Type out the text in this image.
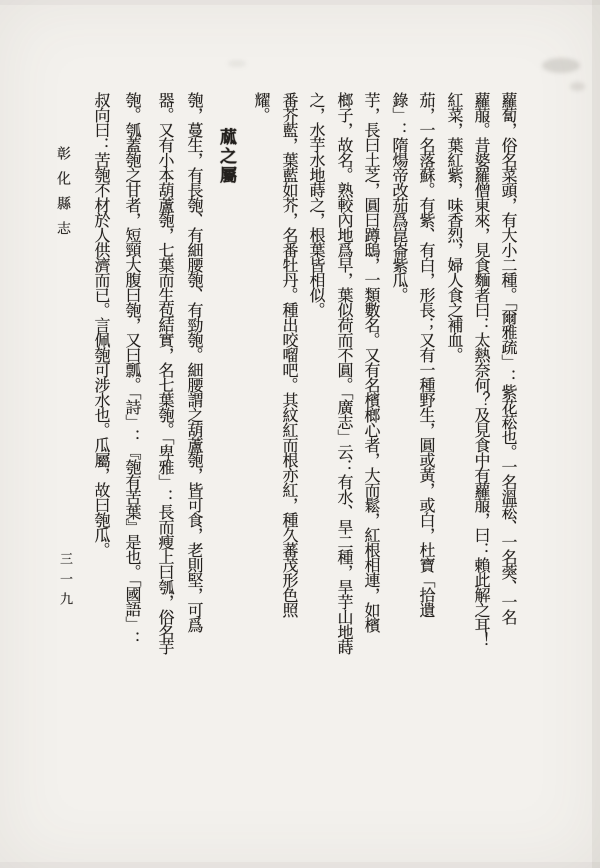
蘿蔔，俗名菜頭，有大小二種。「爾雅疏」：紫花菘也。一名溫菘、一名葖、一名
蘿菔。昔婆羅僧東來，見食麵者曰：太熱奈何？及見食中有蘿菔，曰：賴此解之耳！
紅菜，葉紅紫，味香烈，婦人食之補血。
茄，一名落蘇。有紫、有白，形長；又有一種野生，圓或黃，或白，杜寶「拾遺
錄」：隋煬帝改茄爲崑崙紫瓜。
芋，長曰土芝，圓曰蹲鴟，一類數名。又有名檳榔心者，大而鬆，紅根相連，如檳
榔子，故名。熟較內地爲早，葉似荷而不圓。「廣志」云：有水、旱二種，旱芋山地蒔
之，水芋水地蒔之，根葉皆相似。
番芥藍，葉藍如芥，名番牡丹。種出咬𠺕吧。其紋紅而根亦紅，種久蕃茂形色照
耀。
蓏之屬
匏，蔓生，有長匏、有細腰匏、有勁匏。細腰謂之葫蘆匏，皆可食，老則堅，可爲
器。又有小本葫蘆匏，七葉而生苞結實，名七葉匏。「卑雅」：長而瘦上曰瓠，俗名芋
匏。瓠蓋匏之甘者，短頸大腹曰匏，又曰瓢。「詩」：『匏有苦葉』是也。「國語」：
叔向曰：苦匏不材於人供濟而已。言佩匏可涉水也。瓜屬，故曰匏瓜。
彰化縣志
三一九
